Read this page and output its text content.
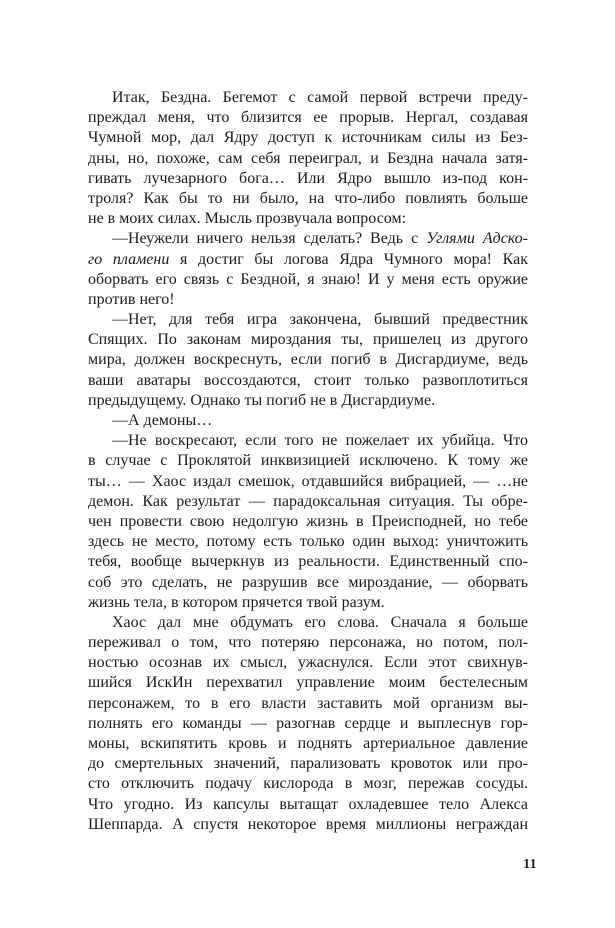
Итак, Бездна. Бегемот с самой первой встречи преду-
преждал меня, что близится ее прорыв. Нергал, создавая
Чумной мор, дал Ядру доступ к источникам силы из Без-
дны, но, похоже, сам себя переиграл, и Бездна начала затя-
гивать лучезарного бога… Или Ядро вышло из-под кон-
троля? Как бы то ни было, на что-либо повлиять больше
не в моих силах. Мысль прозвучала вопросом:
—Неужели ничего нельзя сделать? Ведь с Углями Адско-
го пламени я достиг бы логова Ядра Чумного мора! Как
оборвать его связь с Бездной, я знаю! И у меня есть оружие
против него!
—Нет, для тебя игра закончена, бывший предвестник
Спящих. По законам мироздания ты, пришелец из другого
мира, должен воскреснуть, если погиб в Дисгардиуме, ведь
ваши аватары воссоздаются, стоит только развоплотиться
предыдущему. Однако ты погиб не в Дисгардиуме.
—А демоны…
—Не воскресают, если того не пожелает их убийца. Что
в случае с Проклятой инквизицией исключено. К тому же
ты… — Хаос издал смешок, отдавшийся вибрацией, — …не
демон. Как результат — парадоксальная ситуация. Ты обре-
чен провести свою недолгую жизнь в Преисподней, но тебе
здесь не место, потому есть только один выход: уничтожить
тебя, вообще вычеркнув из реальности. Единственный спо-
соб это сделать, не разрушив все мироздание, — оборвать
жизнь тела, в котором прячется твой разум.
Хаос дал мне обдумать его слова. Сначала я больше
переживал о том, что потеряю персонажа, но потом, пол-
ностью осознав их смысл, ужаснулся. Если этот свихнув-
шийся ИскИн перехватил управление моим бестелесным
персонажем, то в его власти заставить мой организм вы-
полнять его команды — разогнав сердце и выплеснув гор-
моны, вскипятить кровь и поднять артериальное давление
до смертельных значений, парализовать кровоток или про-
сто отключить подачу кислорода в мозг, пережав сосуды.
Что угодно. Из капсулы вытащат охладевшее тело Алекса
Шеппарда. А спустя некоторое время миллионы неграждан
11
